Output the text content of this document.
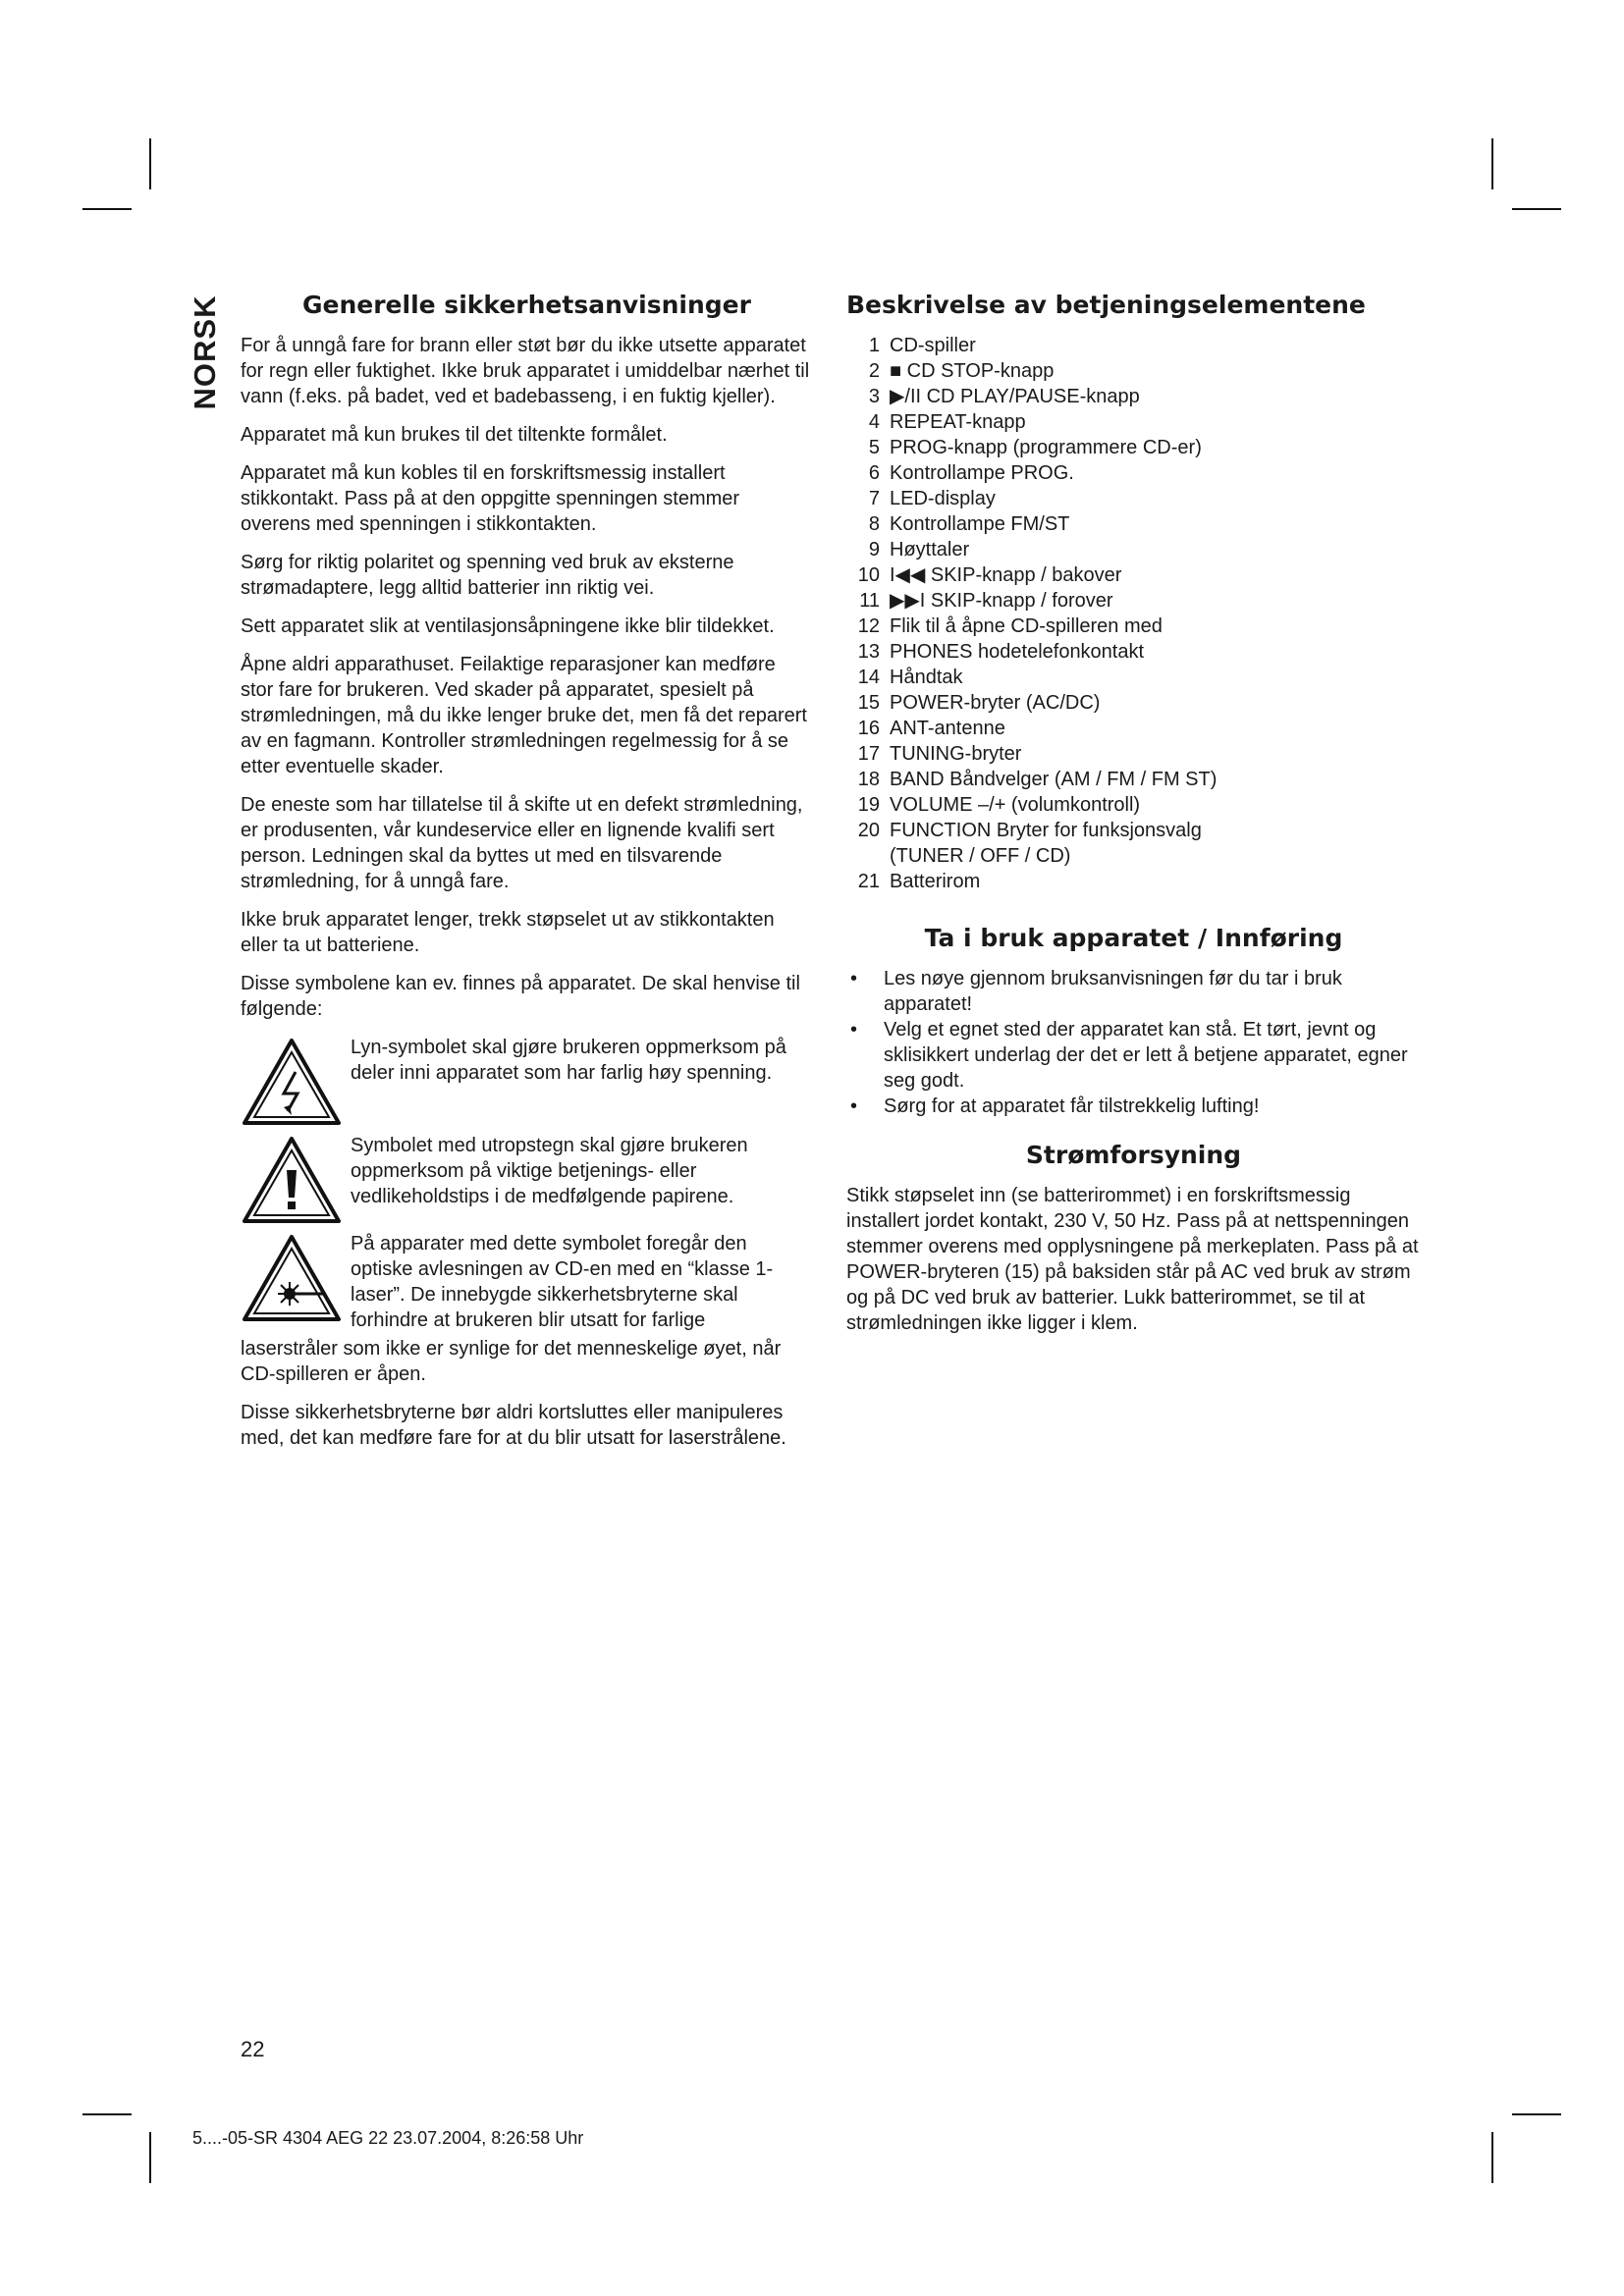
NORSK	Generelle sikkerhetsanvisninger

For å unngå fare for brann eller støt bør du ikke utsette apparatet for regn eller fuktighet. Ikke bruk apparatet i umiddelbar nærhet til vann (f.eks. på badet, ved et badebasseng, i en fuktig kjeller).

Apparatet må kun brukes til det tiltenkte formålet.

Apparatet må kun kobles til en forskriftsmessig installert stikkontakt. Pass på at den oppgitte spenningen stemmer overens med spenningen i stikkontakten.

Sørg for riktig polaritet og spenning ved bruk av eksterne strømadaptere, legg alltid batterier inn riktig vei.

Sett apparatet slik at ventilasjonsåpningene ikke blir tildekket.

Åpne aldri apparathuset. Feilaktige reparasjoner kan medføre stor fare for brukeren. Ved skader på apparatet, spesielt på strømledningen, må du ikke lenger bruke det, men få det reparert av en fagmann. Kontroller strømledningen regelmessig for å se etter eventuelle skader.

De eneste som har tillatelse til å skifte ut en defekt strømledning, er produsenten, vår kundeservice eller en lignende kvalifi sert person. Ledningen skal da byttes ut med en tilsvarende strømledning, for å unngå fare.

Ikke bruk apparatet lenger, trekk støpselet ut av stikkontakten eller ta ut batteriene.

Disse symbolene kan ev. finnes på apparatet. De skal henvise til følgende:

Lyn-symbolet skal gjøre brukeren oppmerksom på deler inni apparatet som har farlig høy spenning.

Symbolet med utropstegn skal gjøre brukeren oppmerksom på viktige betjenings- eller vedlikeholdstips i de medfølgende papirene.

På apparater med dette symbolet foregår den optiske avlesningen av CD-en med en “klasse 1-laser”. De innebygde sikkerhetsbryterne skal forhindre at brukeren blir utsatt for farlige

laserstråler som ikke er synlige for det menneskelige øyet, når CD-spilleren er åpen.

Disse sikkerhetsbryterne bør aldri kortsluttes eller manipuleres med, det kan medføre fare for at du blir utsatt for laserstrålene.

Beskrivelse av betjeningselementene
1 CD-spiller
2 ■ CD STOP-knapp
3 ▶/II CD PLAY/PAUSE-knapp
4 REPEAT-knapp
5 PROG-knapp (programmere CD-er)
6 Kontrollampe PROG.
7 LED-display
8 Kontrollampe FM/ST
9 Høyttaler
10 I◀◀ SKIP-knapp / bakover
11 ▶▶I SKIP-knapp / forover
12 Flik til å åpne CD-spilleren med
13 PHONES hodetelefonkontakt
14 Håndtak
15 POWER-bryter (AC/DC)
16 ANT-antenne
17 TUNING-bryter
18 BAND Båndvelger (AM / FM / FM ST)
19 VOLUME –/+ (volumkontroll)
20 FUNCTION Bryter for funksjonsvalg
(TUNER / OFF / CD)
21 Batterirom
Ta i bruk apparatet / Innføring
• Les nøye gjennom bruksanvisningen før du tar i bruk apparatet!
• Velg et egnet sted der apparatet kan stå. Et tørt, jevnt og sklisikkert underlag der det er lett å betjene apparatet, egner seg godt.
• Sørg for at apparatet får tilstrekkelig lufting!
Strømforsyning

Stikk støpselet inn (se batterirommet) i en forskriftsmessig installert jordet kontakt, 230 V, 50 Hz. Pass på at nettspenningen stemmer overens med opplysningene på merkeplaten. Pass på at POWER-bryteren (15) på baksiden står på AC ved bruk av strøm og på DC ved bruk av batterier. Lukk batterirommet, se til at strømledningen ikke ligger i klem.

22
5....-05-SR 4304 AEG 22 23.07.2004, 8:26:58 Uhr
